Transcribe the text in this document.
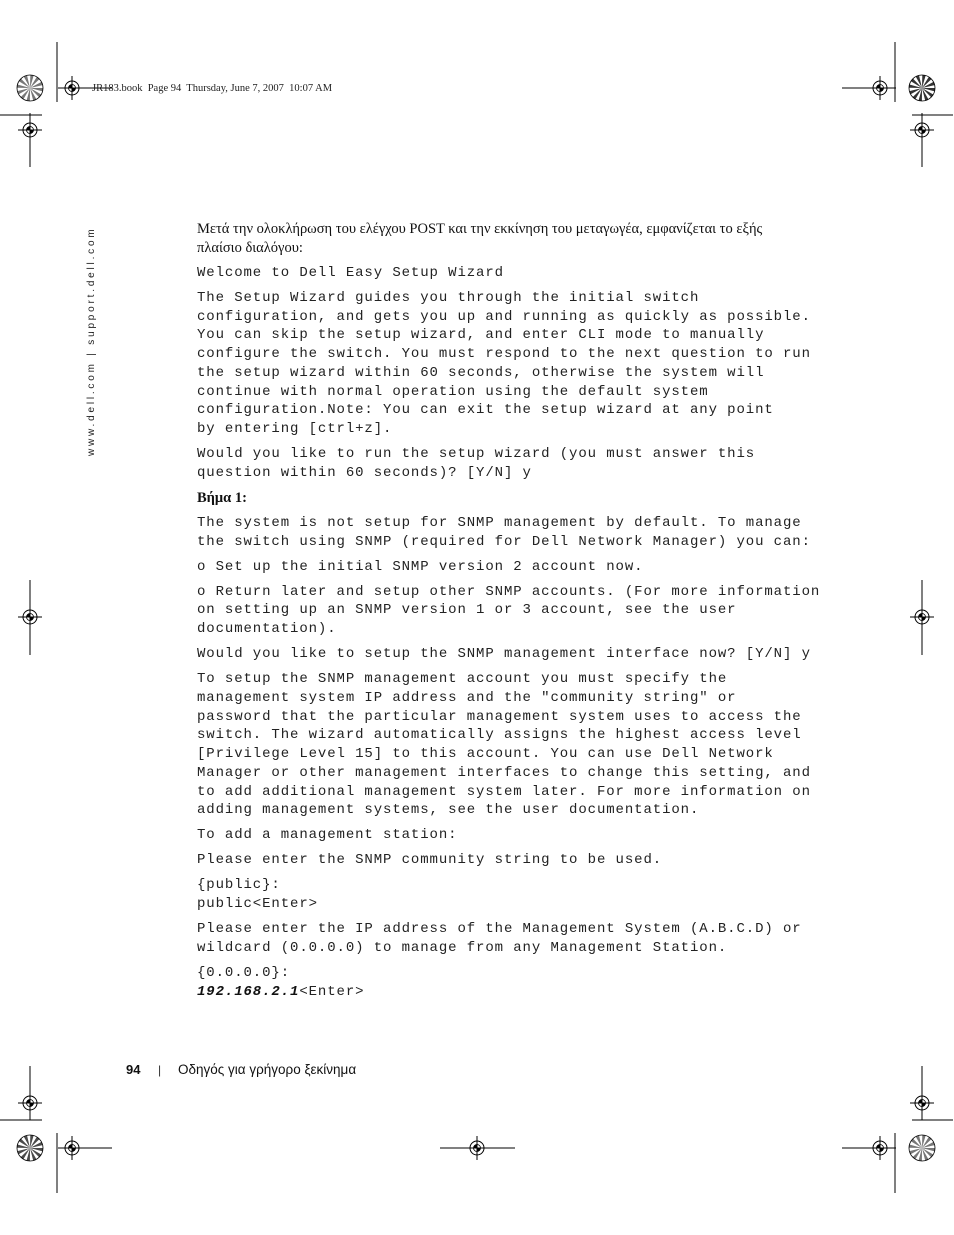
JR183.book  Page 94  Thursday, June 7, 2007  10:07 AM
www.dell.com | support.dell.com	Μετά την ολοκλήρωση του ελέγχου POST και την εκκίνηση του μεταγωγέα, εμφανίζεται το εξής
πλαίσιο διαλόγου:

Welcome to Dell Easy Setup Wizard
The Setup Wizard guides you through the initial switch
configuration, and gets you up and running as quickly as possible.
You can skip the setup wizard, and enter CLI mode to manually
configure the switch. You must respond to the next question to run
the setup wizard within 60 seconds, otherwise the system will
continue with normal operation using the default system
configuration.Note: You can exit the setup wizard at any point
by entering [ctrl+z].
Would you like to run the setup wizard (you must answer this
question within 60 seconds)? [Y/N] y

Βήμα 1:

The system is not setup for SNMP management by default. To manage
the switch using SNMP (required for Dell Network Manager) you can:
o Set up the initial SNMP version 2 account now.
o Return later and setup other SNMP accounts. (For more information
on setting up an SNMP version 1 or 3 account, see the user
documentation).
Would you like to setup the SNMP management interface now? [Y/N] y
To setup the SNMP management account you must specify the
management system IP address and the "community string" or
password that the particular management system uses to access the
switch. The wizard automatically assigns the highest access level
[Privilege Level 15] to this account. You can use Dell Network
Manager or other management interfaces to change this setting, and
to add additional management system later. For more information on
adding management systems, see the user documentation.
To add a management station:
Please enter the SNMP community string to be used.
{public}:
public<Enter>
Please enter the IP address of the Management System (A.B.C.D) or
wildcard (0.0.0.0) to manage from any Management Station.
{0.0.0.0}:
192.168.2.1<Enter>
94 | Οδηγός για γρήγορο ξεκίνημα
